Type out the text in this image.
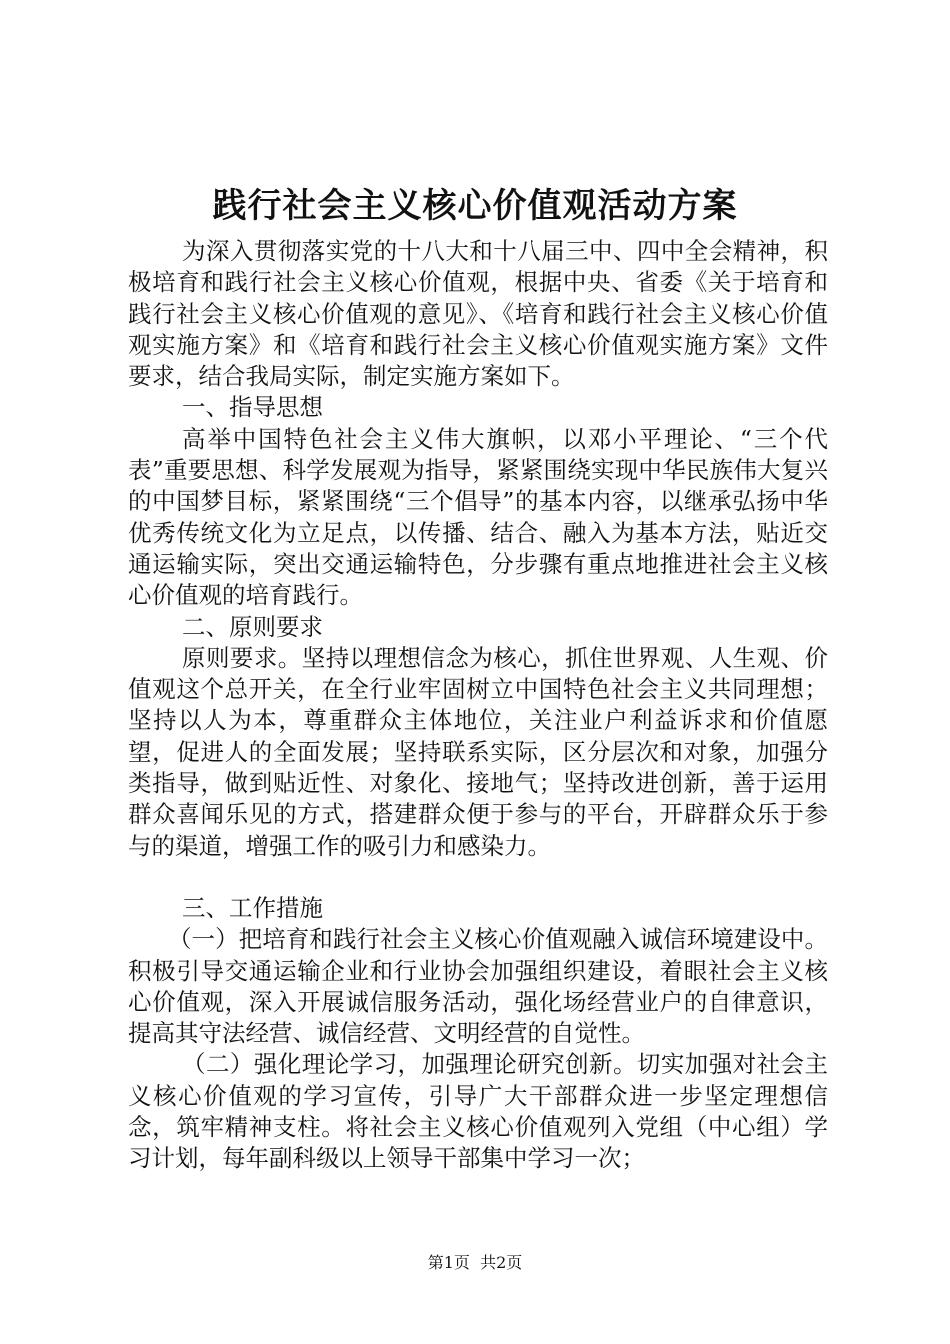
践行社会主义核心价值观活动方案

为深入贯彻落实党的十八大和十八届三中、四中全会精神，积极培育和践行社会主义核心价值观，根据中央、省委《关于培育和践行社会主义核心价值观的意见》、《培育和践行社会主义核心价值观实施方案》和《培育和践行社会主义核心价值观实施方案》文件要求，结合我局实际，制定实施方案如下。

一、指导思想

高举中国特色社会主义伟大旗帜，以邓小平理论、“三个代表”重要思想、科学发展观为指导，紧紧围绕实现中华民族伟大复兴的中国梦目标，紧紧围绕“三个倡导”的基本内容，以继承弘扬中华优秀传统文化为立足点，以传播、结合、融入为基本方法，贴近交通运输实际，突出交通运输特色，分步骤有重点地推进社会主义核心价值观的培育践行。

二、原则要求

原则要求。坚持以理想信念为核心，抓住世界观、人生观、价值观这个总开关，在全行业牢固树立中国特色社会主义共同理想；坚持以人为本，尊重群众主体地位，关注业户利益诉求和价值愿望，促进人的全面发展；坚持联系实际，区分层次和对象，加强分类指导，做到贴近性、对象化、接地气；坚持改进创新，善于运用群众喜闻乐见的方式，搭建群众便于参与的平台，开辟群众乐于参与的渠道，增强工作的吸引力和感染力。

三、工作措施

（一）把培育和践行社会主义核心价值观融入诚信环境建设中。积极引导交通运输企业和行业协会加强组织建设，着眼社会主义核心价值观，深入开展诚信服务活动，强化场经营业户的自律意识，提高其守法经营、诚信经营、文明经营的自觉性。

（二）强化理论学习，加强理论研究创新。切实加强对社会主义核心价值观的学习宣传，引导广大干部群众进一步坚定理想信念，筑牢精神支柱。将社会主义核心价值观列入党组（中心组）学习计划，每年副科级以上领导干部集中学习一次；

第1页  共2页
